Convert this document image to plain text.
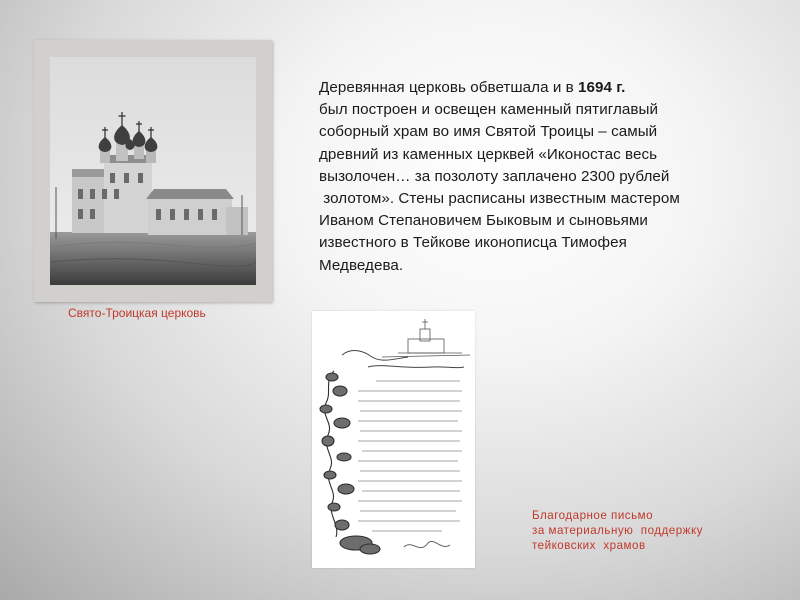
Свято-Троицкая церковь
Деревянная церковь обветшала и в 1694 г.
был построен и освещен каменный пятиглавый
соборный храм во имя Святой Троицы – самый
древний из каменных церквей «Иконостас весь
вызолочен… за позолоту заплачено 2300 рублей
золотом». Стены расписаны известным мастером
Иваном Степановичем Быковым и сыновьями
известного в Тейкове иконописца Тимофея
Медведева.
Благодарное письмо
за материальную  поддержку
тейковских  храмов
